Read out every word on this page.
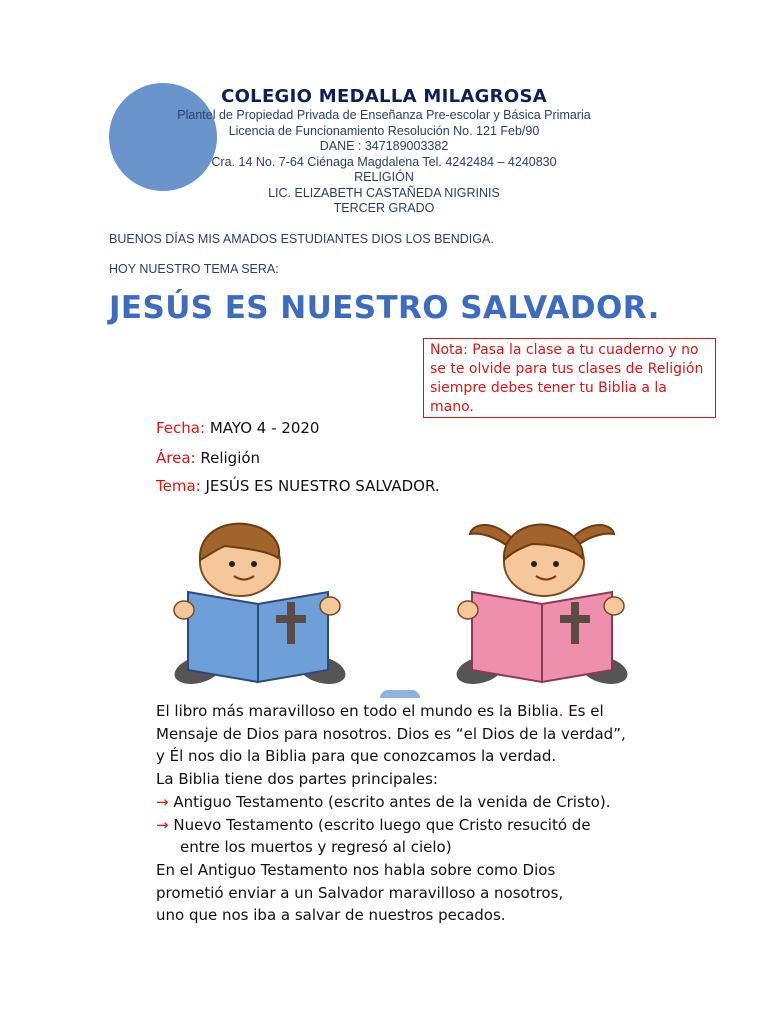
COLEGIO MEDALLA MILAGROSA
Plantel de Propiedad Privada de Enseñanza Pre-escolar y Básica Primaria
Licencia de Funcionamiento Resolución No. 121 Feb/90
DANE : 347189003382
Cra. 14 No. 7-64 Ciénaga Magdalena Tel. 4242484 – 4240830
RELIGIÓN
LIC. ELIZABETH CASTAÑEDA NIGRINIS
TERCER GRADO
BUENOS DÍAS MIS AMADOS ESTUDIANTES DIOS LOS BENDIGA.
HOY NUESTRO TEMA SERA:
JESÚS ES NUESTRO SALVADOR.
Nota: Pasa la clase a tu cuaderno y no se te olvide para tus clases de Religión siempre debes tener tu Biblia a la mano.
Fecha: MAYO 4 - 2020
Área: Religión
Tema: JESÚS ES NUESTRO SALVADOR.
El libro más maravilloso en todo el mundo es la Biblia. Es el
Mensaje de Dios para nosotros. Dios es “el Dios de la verdad”,
y Él nos dio la Biblia para que conozcamos la verdad.
La Biblia tiene dos partes principales:
→ Antiguo Testamento (escrito antes de la venida de Cristo).
→ Nuevo Testamento (escrito luego que Cristo resucitó de
entre los muertos y regresó al cielo)
En el Antiguo Testamento nos habla sobre como Dios
prometió enviar a un Salvador maravilloso a nosotros,
uno que nos iba a salvar de nuestros pecados.
